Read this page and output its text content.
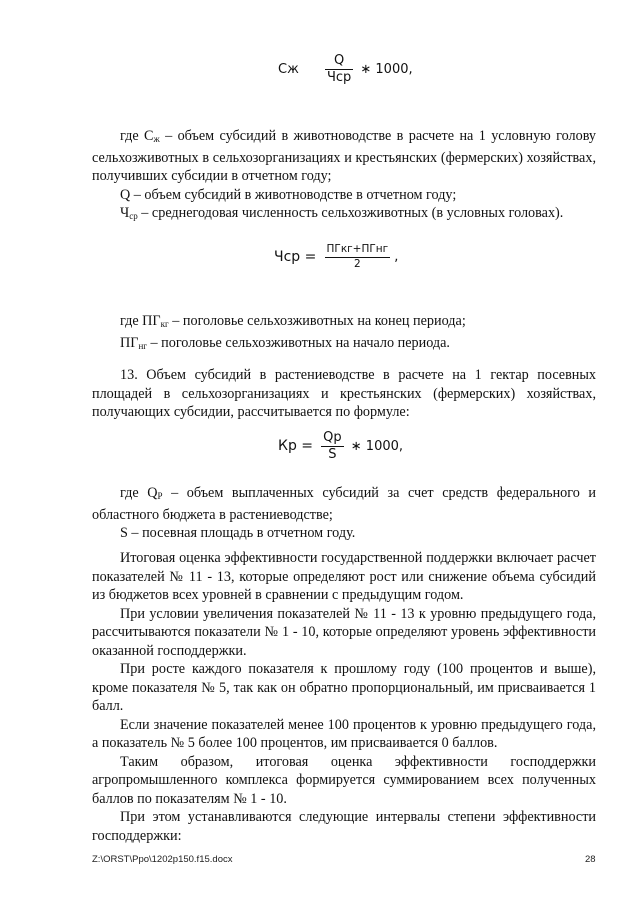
Сж $\frac{Q}{\text{Чср}}$ ∗ 1000,
где $С_ж$ – объем субсидий в животноводстве в расчете на 1 условную голову сельхозживотных в сельхозорганизациях и крестьянских (фермерских) хозяйствах, получивших субсидии в отчетном году;
Q – объем субсидий в животноводстве в отчетном году;
$Ч_{ср}$ – среднегодовая численность сельхозживотных (в условных головах).
Чср = $\frac{\text{ПГкг+ПГнг}}{2}$ ,
где $ПГ_{кг}$ – поголовье сельхозживотных на конец периода;
$ПГ_{нг}$ – поголовье сельхозживотных на начало периода.
13. Объем субсидий в растениеводстве в расчете на 1 гектар посевных площадей в сельхозорганизациях и крестьянских (фермерских) хозяйствах, получающих субсидии, рассчитывается по формуле:
Кр = $\frac{Qр}{S}$ ∗ 1000,
где $Q_Р$ – объем выплаченных субсидий за счет средств федерального и областного бюджета в растениеводстве;
S – посевная площадь в отчетном году.
Итоговая оценка эффективности государственной поддержки включает расчет показателей № 11 - 13, которые определяют рост или снижение объема субсидий из бюджетов всех уровней в сравнении с предыдущим годом.
При условии увеличения показателей № 11 - 13 к уровню предыдущего года, рассчитываются показатели № 1 - 10, которые определяют уровень эффективности оказанной господдержки.
При росте каждого показателя к прошлому году (100 процентов и выше), кроме показателя № 5, так как он обратно пропорциональный, им присваивается 1 балл.
Если значение показателей менее 100 процентов к уровню предыдущего года, а показатель № 5 более 100 процентов, им присваивается 0 баллов.
Таким образом, итоговая оценка эффективности господдержки агропромышленного комплекса формируется суммированием всех полученных баллов по показателям № 1 - 10.
При этом устанавливаются следующие интервалы степени эффективности господдержки:
Z:\ORST\Ppo\1202p150.f15.docx	28
